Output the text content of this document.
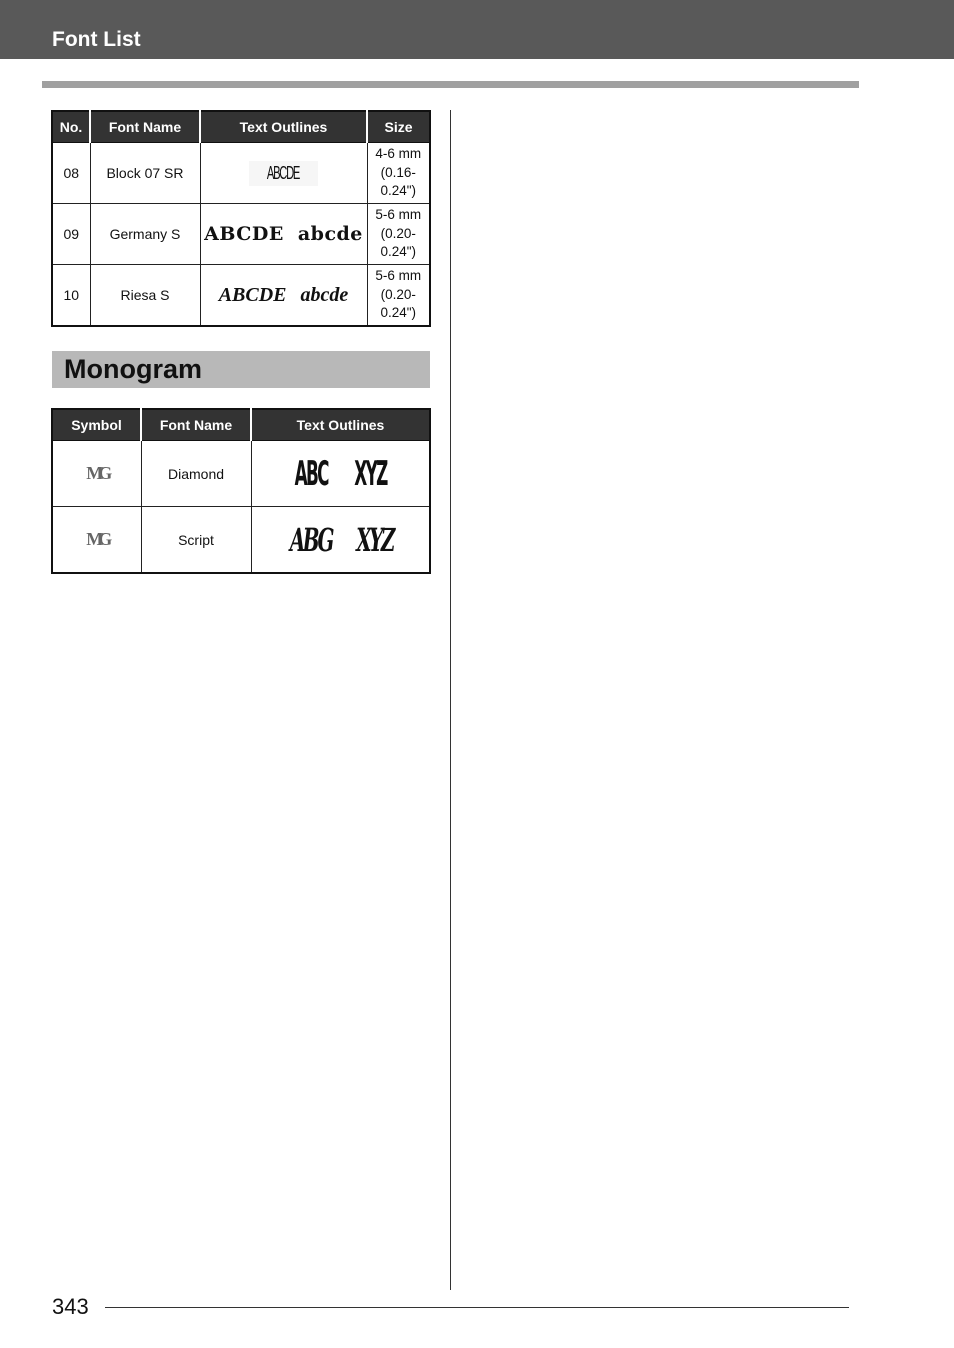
Font List
No.	Font Name	Text Outlines	Size
08	Block 07 SR	ABCDE	4-6 mm
(0.16-
0.24")

09	Germany S	ABCDE abcde	5-6 mm
(0.20-
0.24")

10	Riesa S	ABCDE abcde	5-6 mm
(0.20-
0.24")
Monogram
Symbol	Font Name	Text Outlines
MG	Diamond	ABC XYZ
MG	Script	ABG XYZ
343
